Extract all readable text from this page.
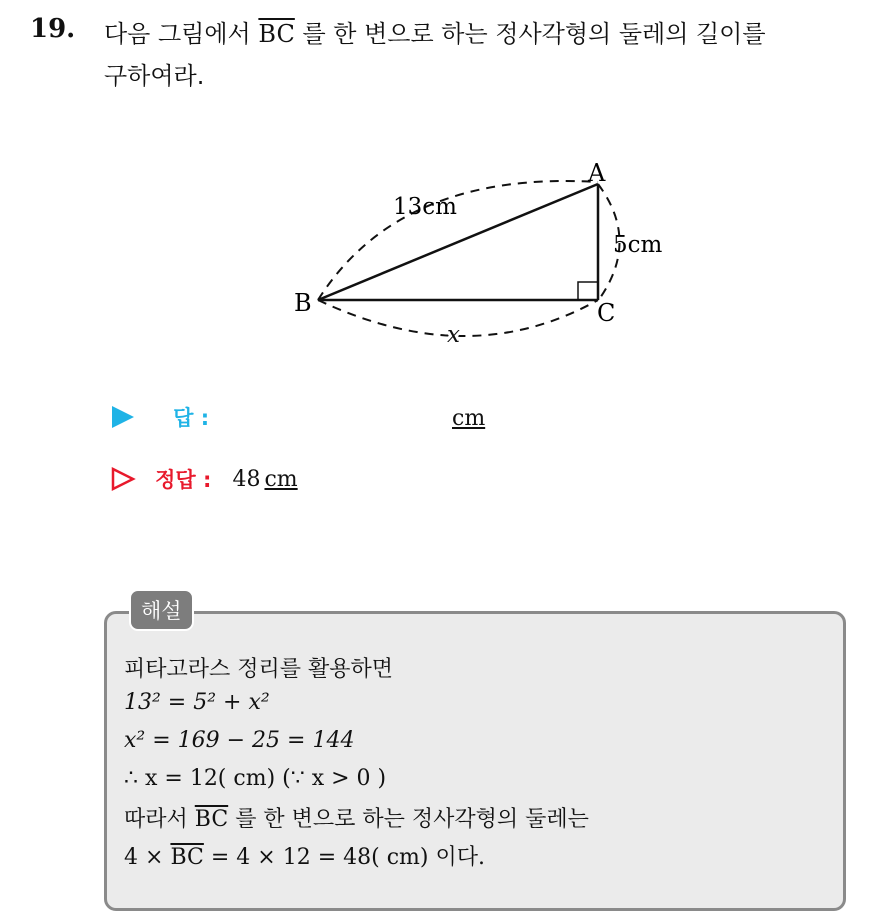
19. 다음 그림에서 $\overline{BC}$ 를 한 변으로 하는 정사각형의 둘레의 길이를
구하여라.
A
B	C
13cm
5cm
x
답 :	cm
정답 : 48 cm
해설
피타고라스 정리를 활용하면
13² = 5² + x²
x² = 169 − 25 = 144
∴ x = 12( cm) (∵ x > 0 )
따라서 $\overline{BC}$ 를 한 변으로 하는 정사각형의 둘레는
$4 \times \overline{BC} = 4 \times 12 = 48$( cm) 이다.
